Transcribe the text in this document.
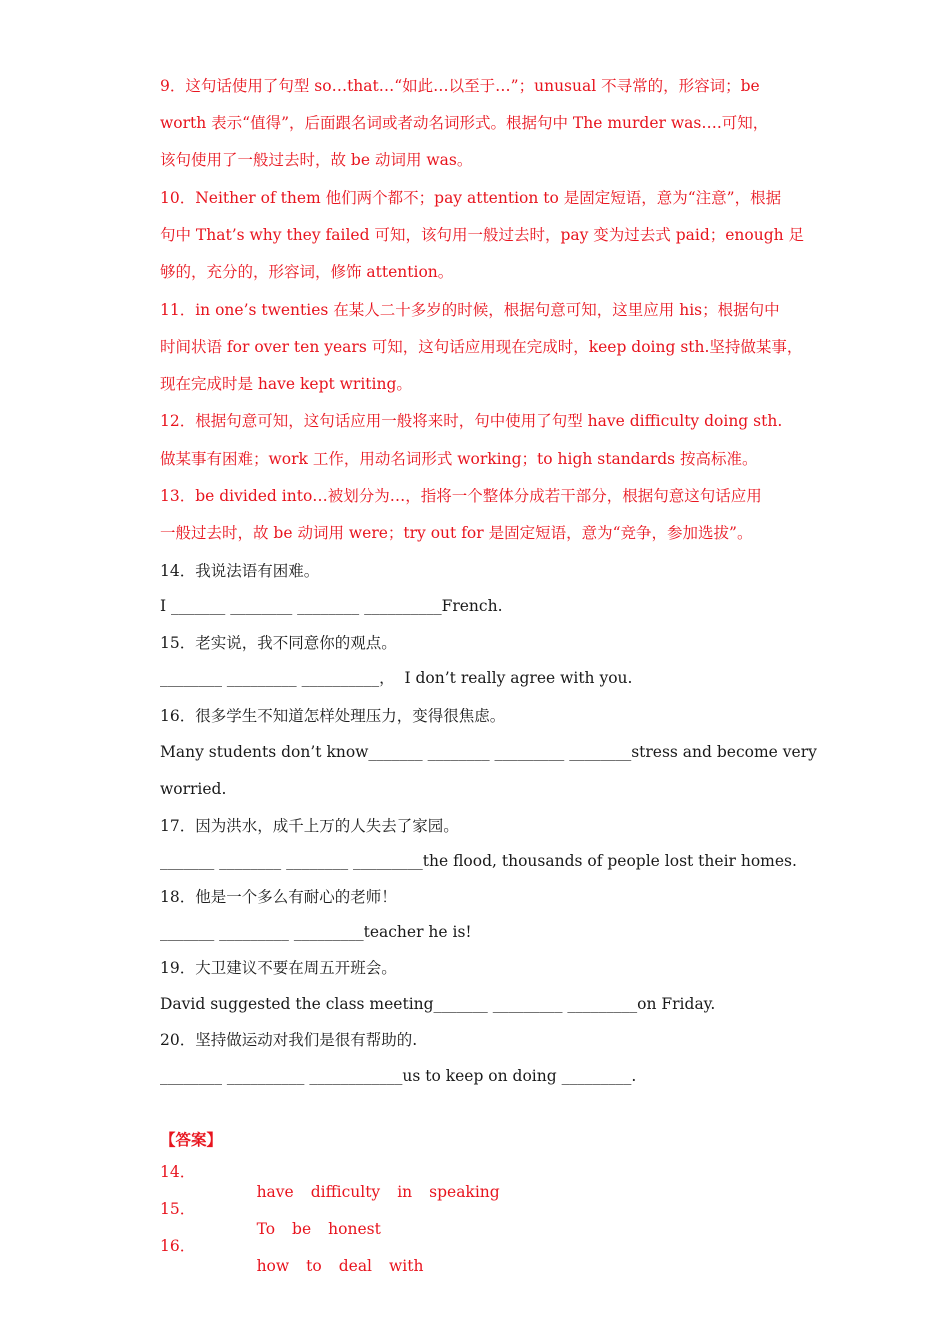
9．这句话使用了句型 so…that…“如此…以至于…”；unusual 不寻常的，形容词；be
worth 表示“值得”，后面跟名词或者动名词形式。根据句中 The murder was….可知，
该句使用了一般过去时，故 be 动词用 was。
10．Neither of them 他们两个都不；pay attention to 是固定短语，意为“注意”，根据
句中 That’s why they failed 可知，该句用一般过去时，pay 变为过去式 paid；enough 足
够的，充分的，形容词，修饰 attention。
11．in one’s twenties 在某人二十多岁的时候，根据句意可知，这里应用 his；根据句中
时间状语 for over ten years 可知，这句话应用现在完成时，keep doing sth.坚持做某事，
现在完成时是 have kept writing。
12．根据句意可知，这句话应用一般将来时，句中使用了句型 have difficulty doing sth.
做某事有困难；work 工作，用动名词形式 working；to high standards 按高标准。
13．be divided into…被划分为…，指将一个整体分成若干部分，根据句意这句话应用
一般过去时，故 be 动词用 were；try out for 是固定短语，意为“竞争，参加选拔”。
14．我说法语有困难。
I _______ ________ ________ __________French.
15．老实说，我不同意你的观点。
________ _________ __________，  I don’t really agree with you.
16．很多学生不知道怎样处理压力，变得很焦虑。
Many students don’t know_______ ________ _________ ________stress and become very
worried.
17．因为洪水，成千上万的人失去了家园。
_______ ________ ________ _________the flood, thousands of people lost their homes.
18．他是一个多么有耐心的老师！
_______ _________ _________teacher he is!
19．大卫建议不要在周五开班会。
David suggested the class meeting_______ _________ _________on Friday.
20．坚持做运动对我们是很有帮助的.
________ __________ ____________us to keep on doing _________.
【答案】
14．

have difficulty in speaking

15．

To be honest

16．

how to deal with
